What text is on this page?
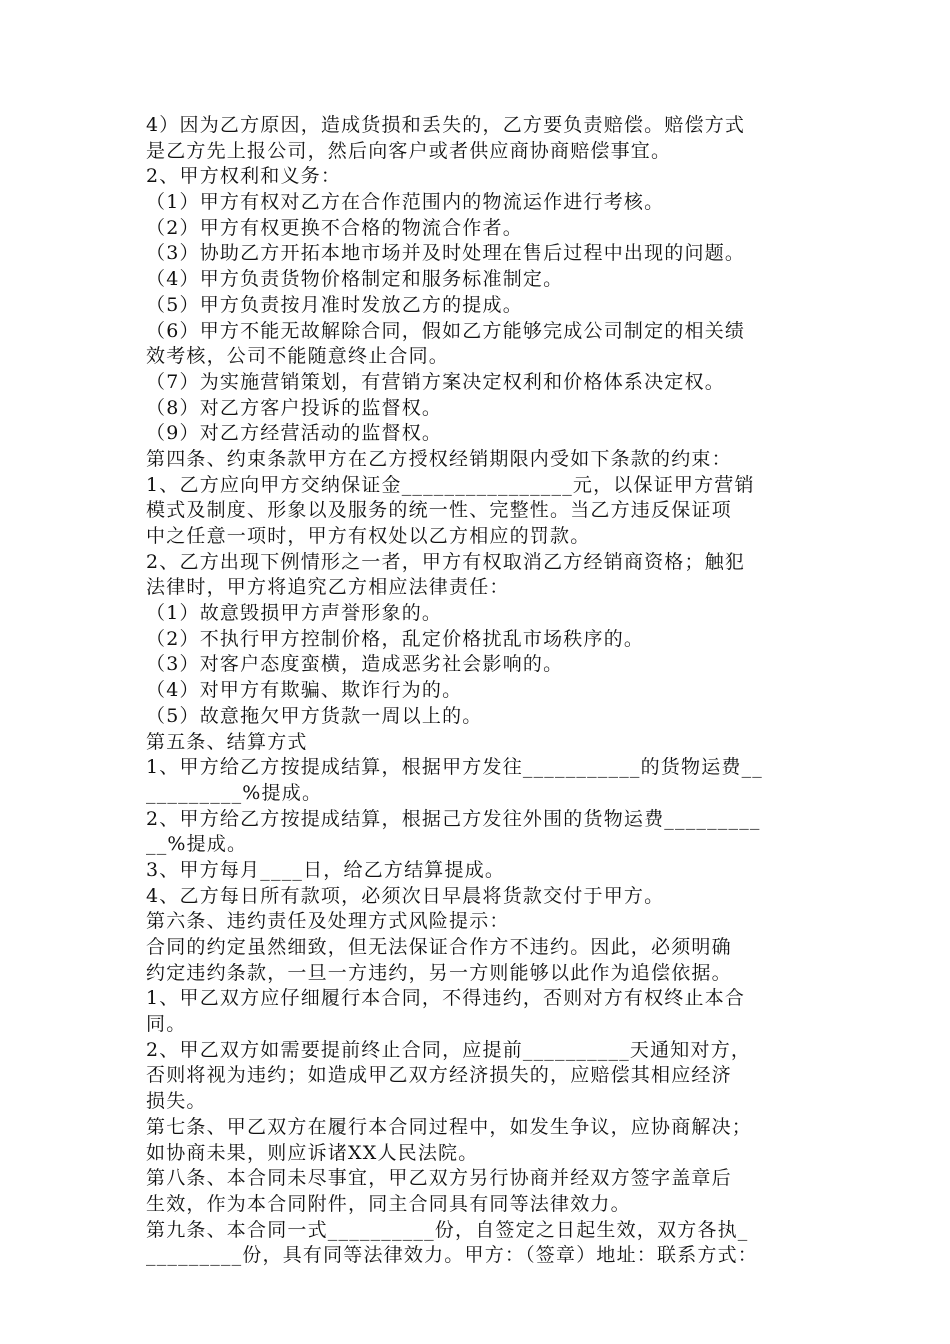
4）因为乙方原因，造成货损和丢失的，乙方要负责赔偿。赔偿方式
是乙方先上报公司，然后向客户或者供应商协商赔偿事宜。
2、甲方权利和义务：
（1）甲方有权对乙方在合作范围内的物流运作进行考核。
（2）甲方有权更换不合格的物流合作者。
（3）协助乙方开拓本地市场并及时处理在售后过程中出现的问题。
（4）甲方负责货物价格制定和服务标准制定。
（5）甲方负责按月准时发放乙方的提成。
（6）甲方不能无故解除合同，假如乙方能够完成公司制定的相关绩
效考核，公司不能随意终止合同。
（7）为实施营销策划，有营销方案决定权利和价格体系决定权。
（8）对乙方客户投诉的监督权。
（9）对乙方经营活动的监督权。
第四条、约束条款甲方在乙方授权经销期限内受如下条款的约束：
1、乙方应向甲方交纳保证金________________元，以保证甲方营销
模式及制度、形象以及服务的统一性、完整性。当乙方违反保证项
中之任意一项时，甲方有权处以乙方相应的罚款。
2、乙方出现下例情形之一者，甲方有权取消乙方经销商资格；触犯
法律时，甲方将追究乙方相应法律责任：
（1）故意毁损甲方声誉形象的。
（2）不执行甲方控制价格，乱定价格扰乱市场秩序的。
（3）对客户态度蛮横，造成恶劣社会影响的。
（4）对甲方有欺骗、欺诈行为的。
（5）故意拖欠甲方货款一周以上的。
第五条、结算方式
1、甲方给乙方按提成结算，根据甲方发往___________的货物运费__
_________%提成。
2、甲方给乙方按提成结算，根据己方发往外围的货物运费_________
__%提成。
3、甲方每月____日，给乙方结算提成。
4、乙方每日所有款项，必须次日早晨将货款交付于甲方。
第六条、违约责任及处理方式风险提示：
合同的约定虽然细致，但无法保证合作方不违约。因此，必须明确
约定违约条款，一旦一方违约，另一方则能够以此作为追偿依据。
1、甲乙双方应仔细履行本合同，不得违约，否则对方有权终止本合
同。
2、甲乙双方如需要提前终止合同，应提前__________天通知对方，
否则将视为违约；如造成甲乙双方经济损失的，应赔偿其相应经济
损失。
第七条、甲乙双方在履行本合同过程中，如发生争议，应协商解决；
如协商未果，则应诉诸XX人民法院。
第八条、本合同未尽事宜，甲乙双方另行协商并经双方签字盖章后
生效，作为本合同附件，同主合同具有同等法律效力。
第九条、本合同一式__________份，自签定之日起生效，双方各执_
_________份，具有同等法律效力。甲方：（签章）地址：联系方式：
